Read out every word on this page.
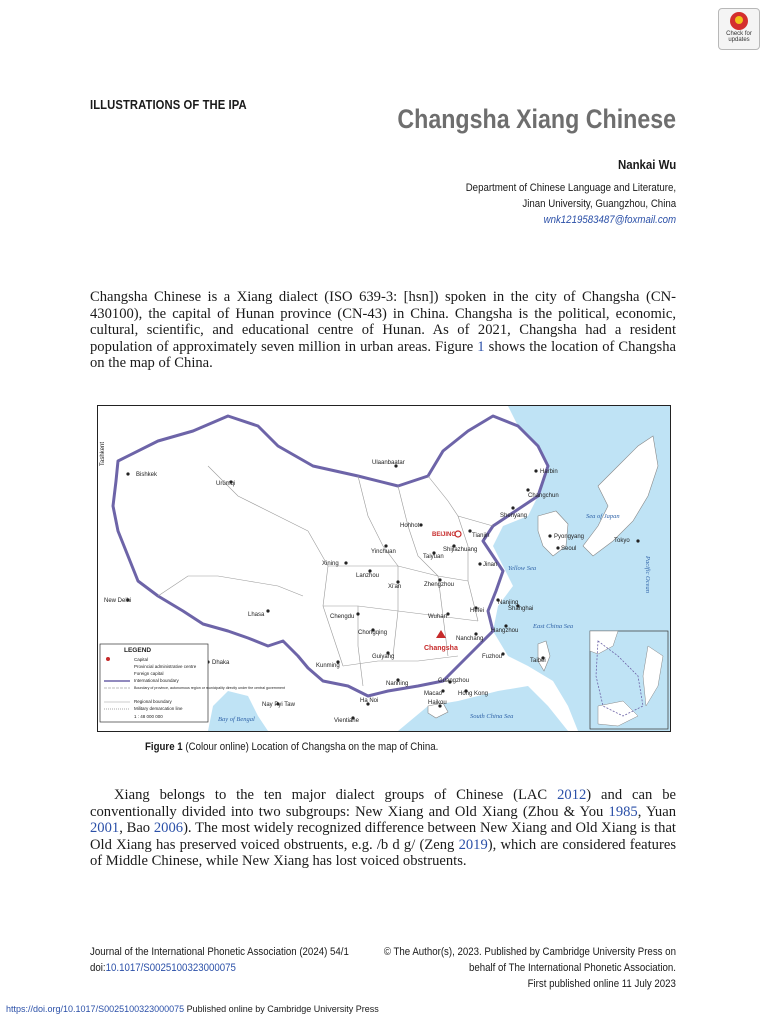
Check for
updates
ILLUSTRATIONS OF THE IPA	Changsha Xiang Chinese
Nankai Wu
Department of Chinese Language and Literature,
Jinan University, Guangzhou, China
wnk1219583487@foxmail.com
Changsha Chinese is a Xiang dialect (ISO 639-3: [hsn]) spoken in the city of Changsha (CN-430100), the capital of Hunan province (CN-43) in China. Changsha is the political, economic, cultural, scientific, and educational centre of Hunan. As of 2021, Changsha had a resident population of approximately seven million in urban areas. Figure 1 shows the location of Changsha on the map of China.
Ulaanbaatar
Urümqi
Bishkek
Tashkent
Harbin
Changchun
Shenyang
Hohhot
BEIJING	Tianjin	Pyongyang
Seoul
Tokyo
Shijiazhuang
Taiyuan
Yinchuan
Xining
Lanzhou
Jinan
Xi'an	Zhengzhou
Nanjing
Hefei	Shanghai
Wuhan
Hangzhou
Chengdu
Lhasa
New Delhi
Chongqing
Nanchang
Changsha
Guiyang	Fuzhou
Taibei
Kunming
Nanning	Guangzhou
Macao	Hong Kong
Dhaka
Nay Pyi Taw
Ha Noi
Vientiane
Haikou
Sea of Japan
Yellow Sea
East China Sea
Pacific Ocean
South China Sea
Bay of Bengal
LEGEND
Capital
Provincial administrative centre
Foreign capital
International boundary
Boundary of province, autonomous region or municipality directly under the central government
Regional boundary
Military demarcation line
1 : 48 000 000
Figure 1 (Colour online) Location of Changsha on the map of China.
Xiang belongs to the ten major dialect groups of Chinese (LAC 2012) and can be conventionally divided into two subgroups: New Xiang and Old Xiang (Zhou & You 1985, Yuan 2001, Bao 2006). The most widely recognized difference between New Xiang and Old Xiang is that Old Xiang has preserved voiced obstruents, e.g. /b d g/ (Zeng 2019), which are considered features of Middle Chinese, while New Xiang has lost voiced obstruents.
Journal of the International Phonetic Association (2024) 54/1
doi:10.1017/S0025100323000075
© The Author(s), 2023. Published by Cambridge University Press on
behalf of The International Phonetic Association.
First published online 11 July 2023
https://doi.org/10.1017/S0025100323000075 Published online by Cambridge University Press
